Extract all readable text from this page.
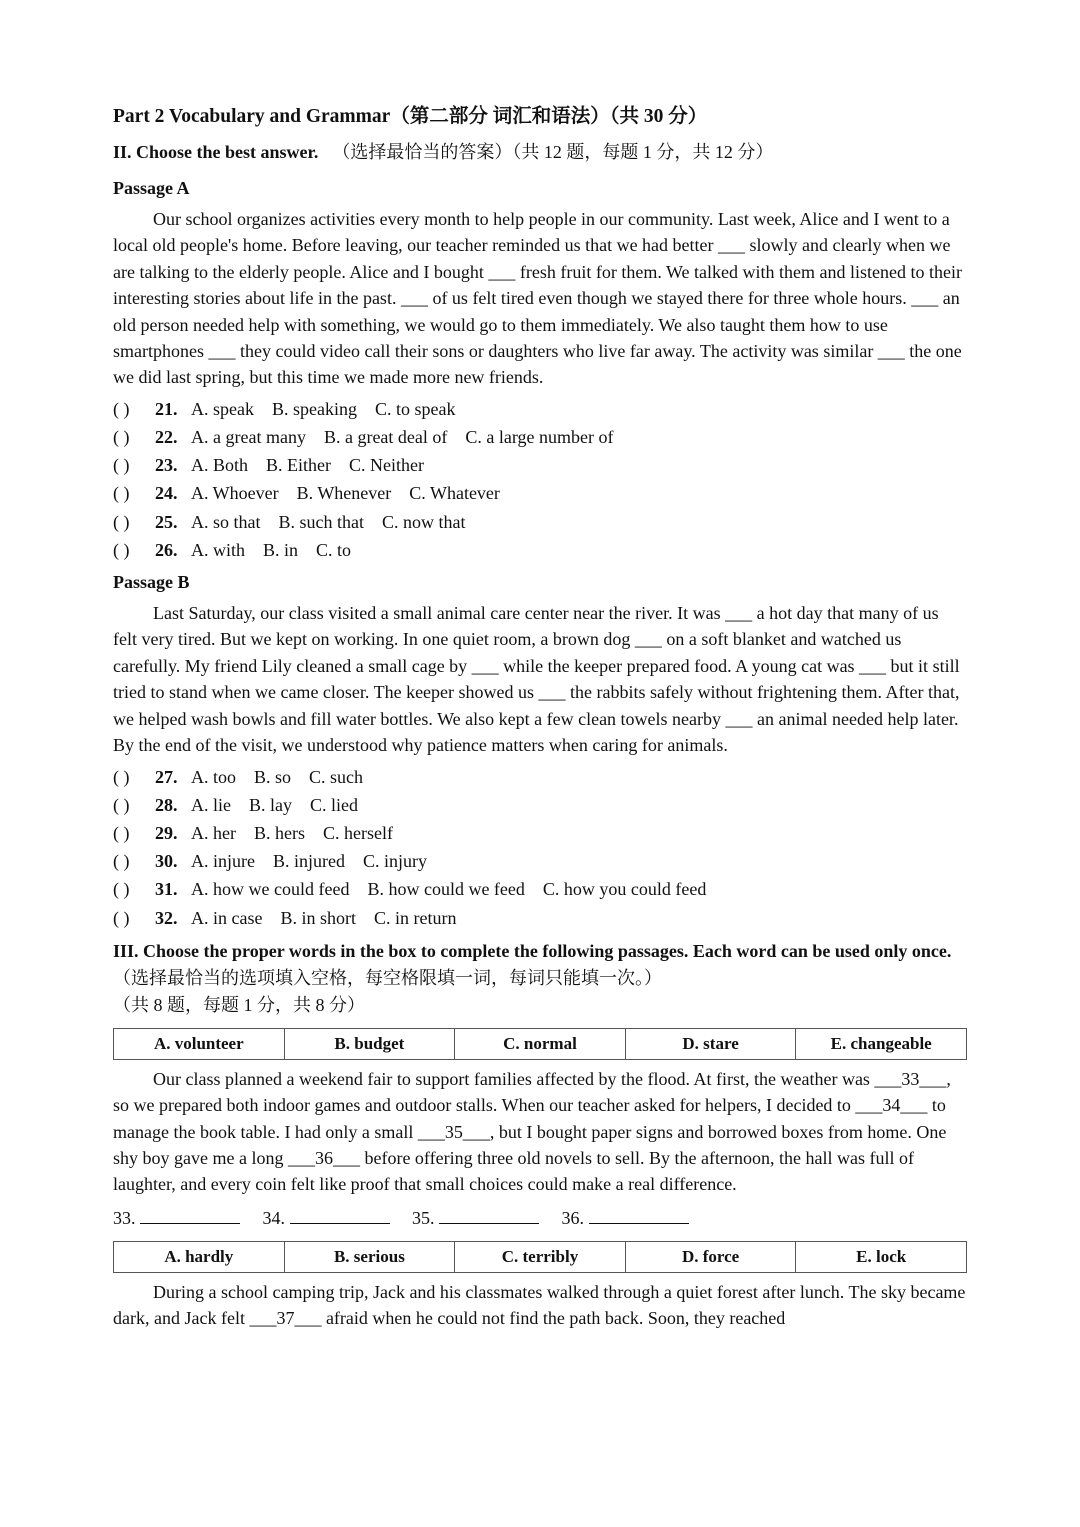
Part 2 Vocabulary and Grammar（第二部分 词汇和语法）（共 30 分）

II. Choose the best answer. （选择最恰当的答案）（共 12 题，每题 1 分，共 12 分）

Passage A

Our school organizes activities every month to help people in our community. Last week, Alice and I went to a local old people's home. Before leaving, our teacher reminded us that we had better ___ slowly and clearly when we are talking to the elderly people. Alice and I bought ___ fresh fruit for them. We talked with them and listened to their interesting stories about life in the past. ___ of us felt tired even though we stayed there for three whole hours. ___ an old person needed help with something, we would go to them immediately. We also taught them how to use smartphones ___ they could video call their sons or daughters who live far away. The activity was similar ___ the one we did last spring, but this time we made more new friends.

( ) 21. A. speak B. speaking C. to speak
( ) 22. A. a great many B. a great deal of C. a large number of
( ) 23. A. Both B. Either C. Neither
( ) 24. A. Whoever B. Whenever C. Whatever
( ) 25. A. so that B. such that C. now that
( ) 26. A. with B. in C. to

Passage B

Last Saturday, our class visited a small animal care center near the river. It was ___ a hot day that many of us felt very tired. But we kept on working. In one quiet room, a brown dog ___ on a soft blanket and watched us carefully. My friend Lily cleaned a small cage by ___ while the keeper prepared food. A young cat was ___ but it still tried to stand when we came closer. The keeper showed us ___ the rabbits safely without frightening them. After that, we helped wash bowls and fill water bottles. We also kept a few clean towels nearby ___ an animal needed help later. By the end of the visit, we understood why patience matters when caring for animals.

( ) 27. A. too B. so C. such
( ) 28. A. lie B. lay C. lied
( ) 29. A. her B. hers C. herself
( ) 30. A. injure B. injured C. injury
( ) 31. A. how we could feed B. how could we feed C. how you could feed
( ) 32. A. in case B. in short C. in return

III. Choose the proper words in the box to complete the following passages. Each word can be used only once. （选择最恰当的选项填入空格，每空格限填一词，每词只能填一次。）

（共 8 题，每题 1 分，共 8 分）

A. volunteer	B. budget	C. normal	D. stare	E. changeable

Our class planned a weekend fair to support families affected by the flood. At first, the weather was ___33___, so we prepared both indoor games and outdoor stalls. When our teacher asked for helpers, I decided to ___34___ to manage the book table. I had only a small ___35___, but I bought paper signs and borrowed boxes from home. One shy boy gave me a long ___36___ before offering three old novels to sell. By the afternoon, the hall was full of laughter, and every coin felt like proof that small choices could make a real difference.

33.	34.	35.	36.
A. hardly	B. serious	C. terribly	D. force	E. lock

During a school camping trip, Jack and his classmates walked through a quiet forest after lunch. The sky became dark, and Jack felt ___37___ afraid when he could not find the path back. Soon, they reached
